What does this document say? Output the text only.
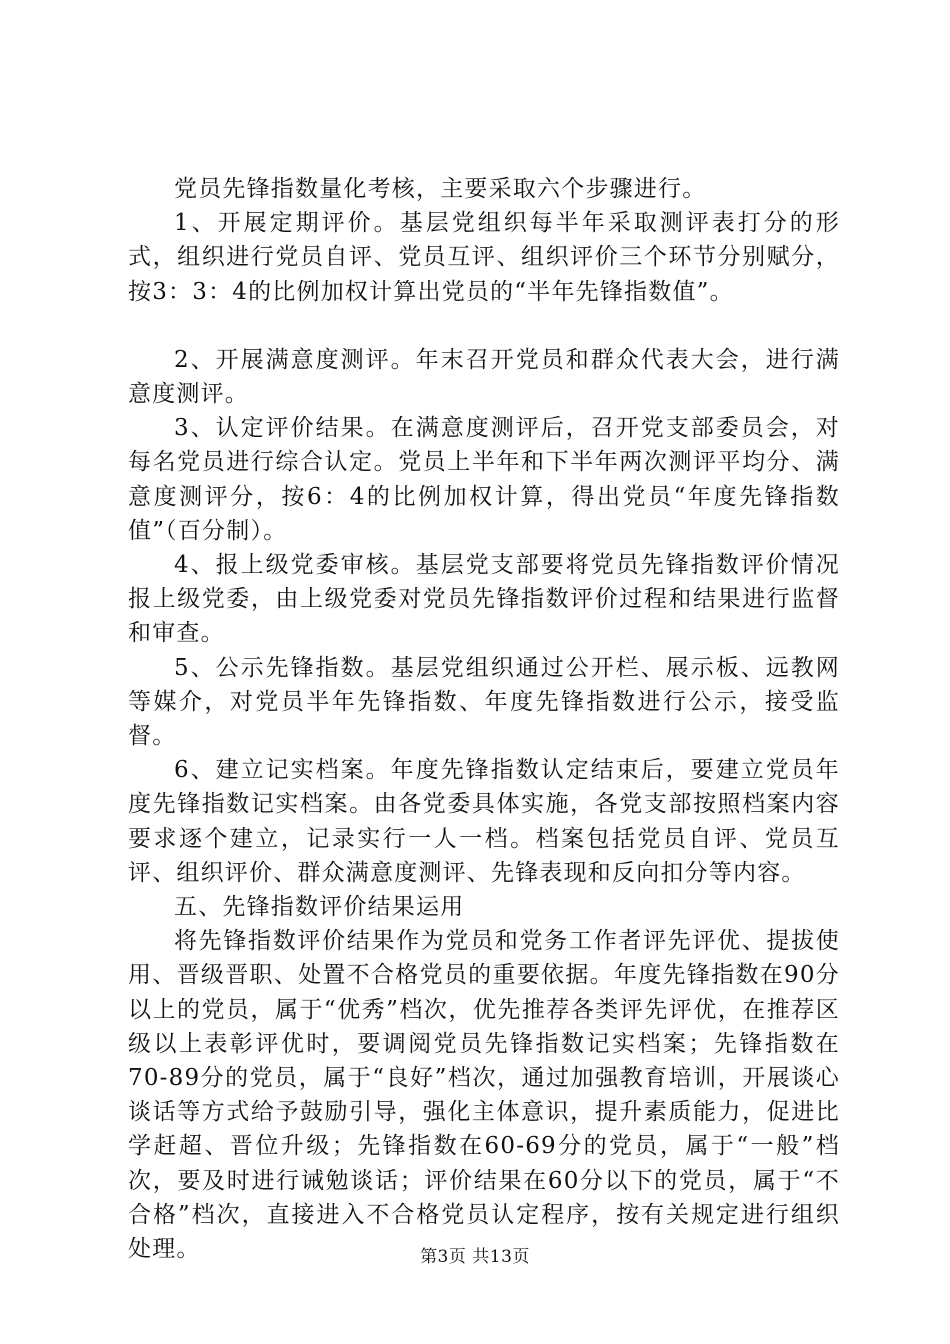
党员先锋指数量化考核，主要采取六个步骤进行。

1、开展定期评价。基层党组织每半年采取测评表打分的形式，组织进行党员自评、党员互评、组织评价三个环节分别赋分，按3：3：4的比例加权计算出党员的“半年先锋指数值”。

2、开展满意度测评。年末召开党员和群众代表大会，进行满意度测评。

3、认定评价结果。在满意度测评后，召开党支部委员会，对每名党员进行综合认定。党员上半年和下半年两次测评平均分、满意度测评分，按6：4的比例加权计算，得出党员“年度先锋指数值”（百分制）。

4、报上级党委审核。基层党支部要将党员先锋指数评价情况报上级党委，由上级党委对党员先锋指数评价过程和结果进行监督和审查。

5、公示先锋指数。基层党组织通过公开栏、展示板、远教网等媒介，对党员半年先锋指数、年度先锋指数进行公示，接受监督。

6、建立记实档案。年度先锋指数认定结束后，要建立党员年度先锋指数记实档案。由各党委具体实施，各党支部按照档案内容要求逐个建立，记录实行一人一档。档案包括党员自评、党员互评、组织评价、群众满意度测评、先锋表现和反向扣分等内容。

五、先锋指数评价结果运用

将先锋指数评价结果作为党员和党务工作者评先评优、提拔使用、晋级晋职、处置不合格党员的重要依据。年度先锋指数在90分以上的党员，属于“优秀”档次，优先推荐各类评先评优，在推荐区级以上表彰评优时，要调阅党员先锋指数记实档案；先锋指数在70-89分的党员，属于“良好”档次，通过加强教育培训，开展谈心谈话等方式给予鼓励引导，强化主体意识，提升素质能力，促进比学赶超、晋位升级；先锋指数在60-69分的党员，属于“一般”档次，要及时进行诫勉谈话；评价结果在60分以下的党员，属于“不合格”档次，直接进入不合格党员认定程序，按有关规定进行组织处理。	第3页 共13页
